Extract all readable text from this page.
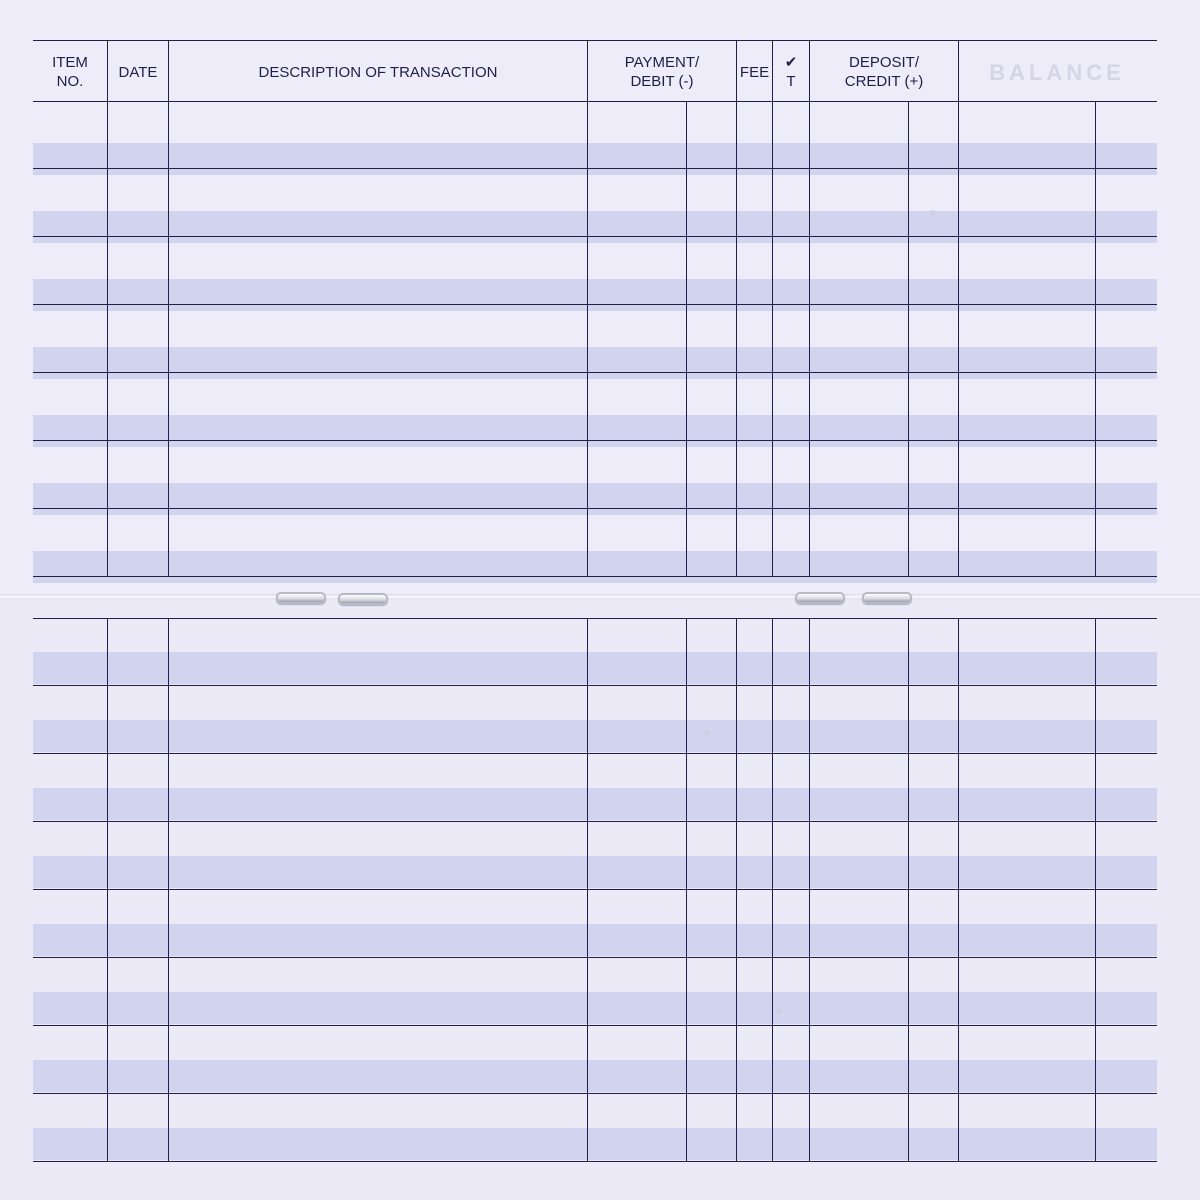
ITEM
NO.
DATE	DESCRIPTION OF TRANSACTION
PAYMENT/
DEBIT (-)
FEE
✔
T
DEPOSIT/
CREDIT (+)	BALANCE
